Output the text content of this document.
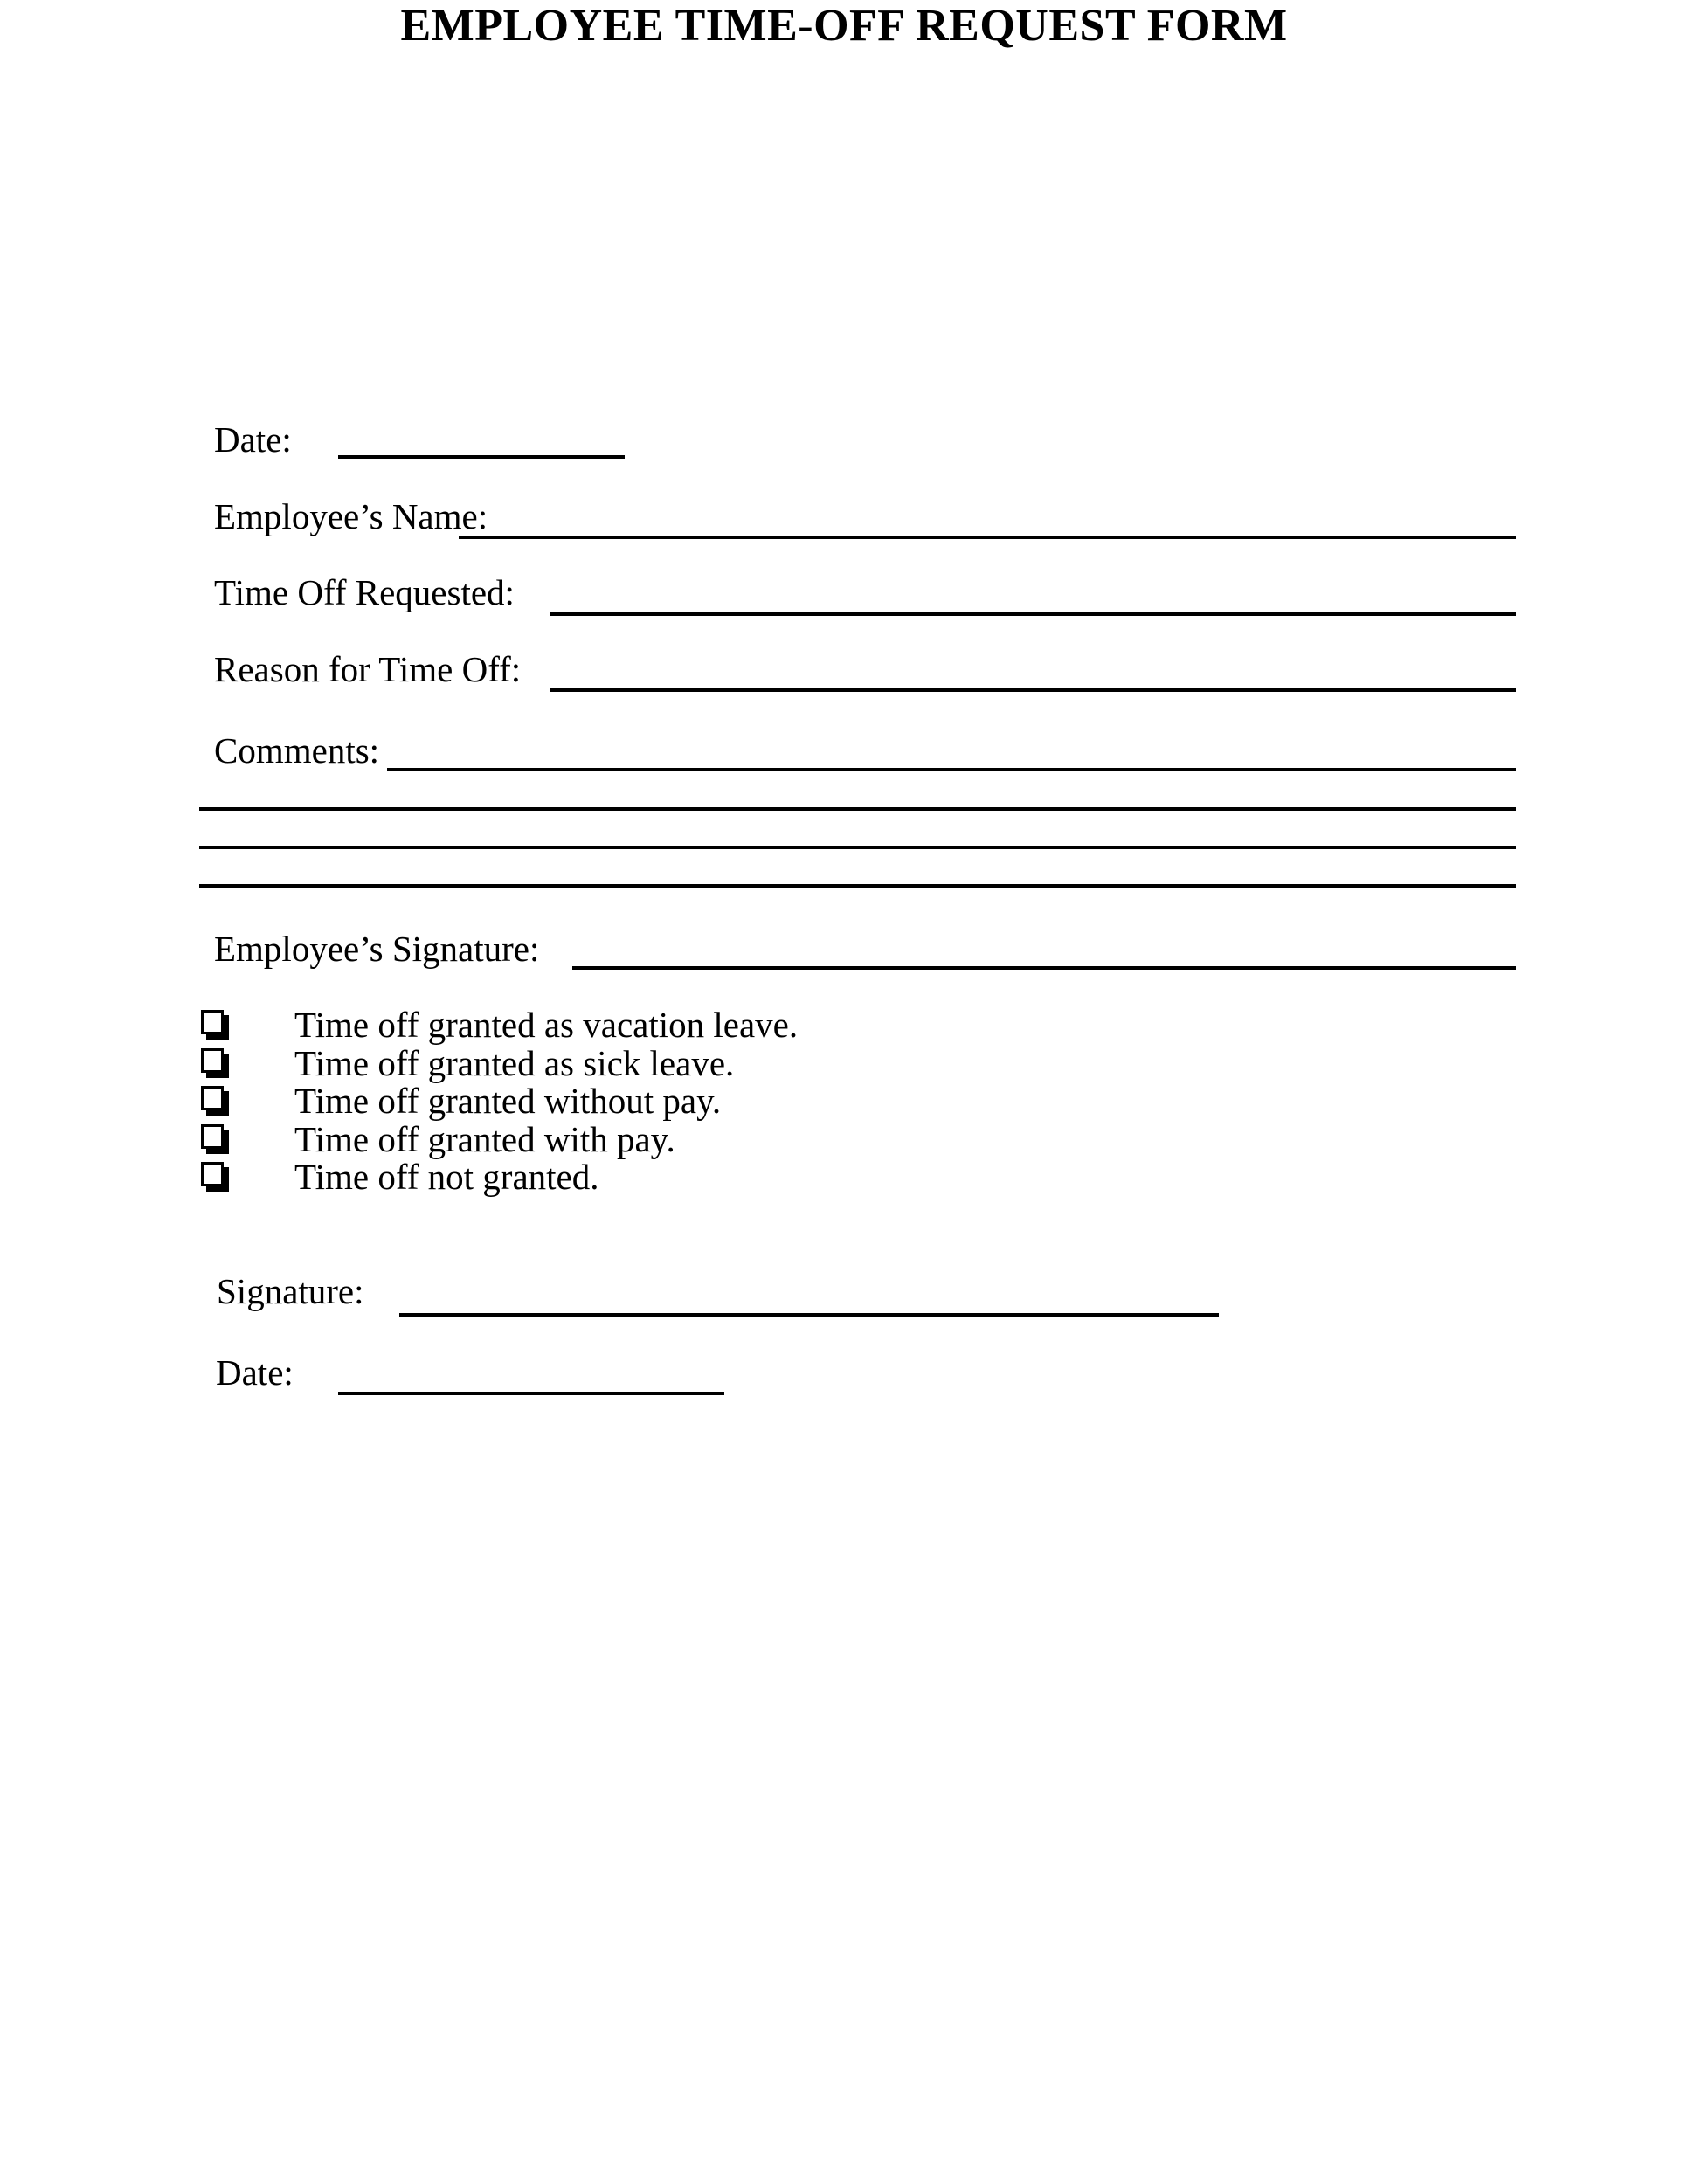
EMPLOYEE TIME-OFF REQUEST FORM
Date:
Employee’s Name:
Time Off Requested:
Reason for Time Off:
Comments:
Employee’s Signature:
Time off granted as vacation leave.
Time off granted as sick leave.
Time off granted without pay.
Time off granted with pay.
Time off not granted.
Signature:
Date:
